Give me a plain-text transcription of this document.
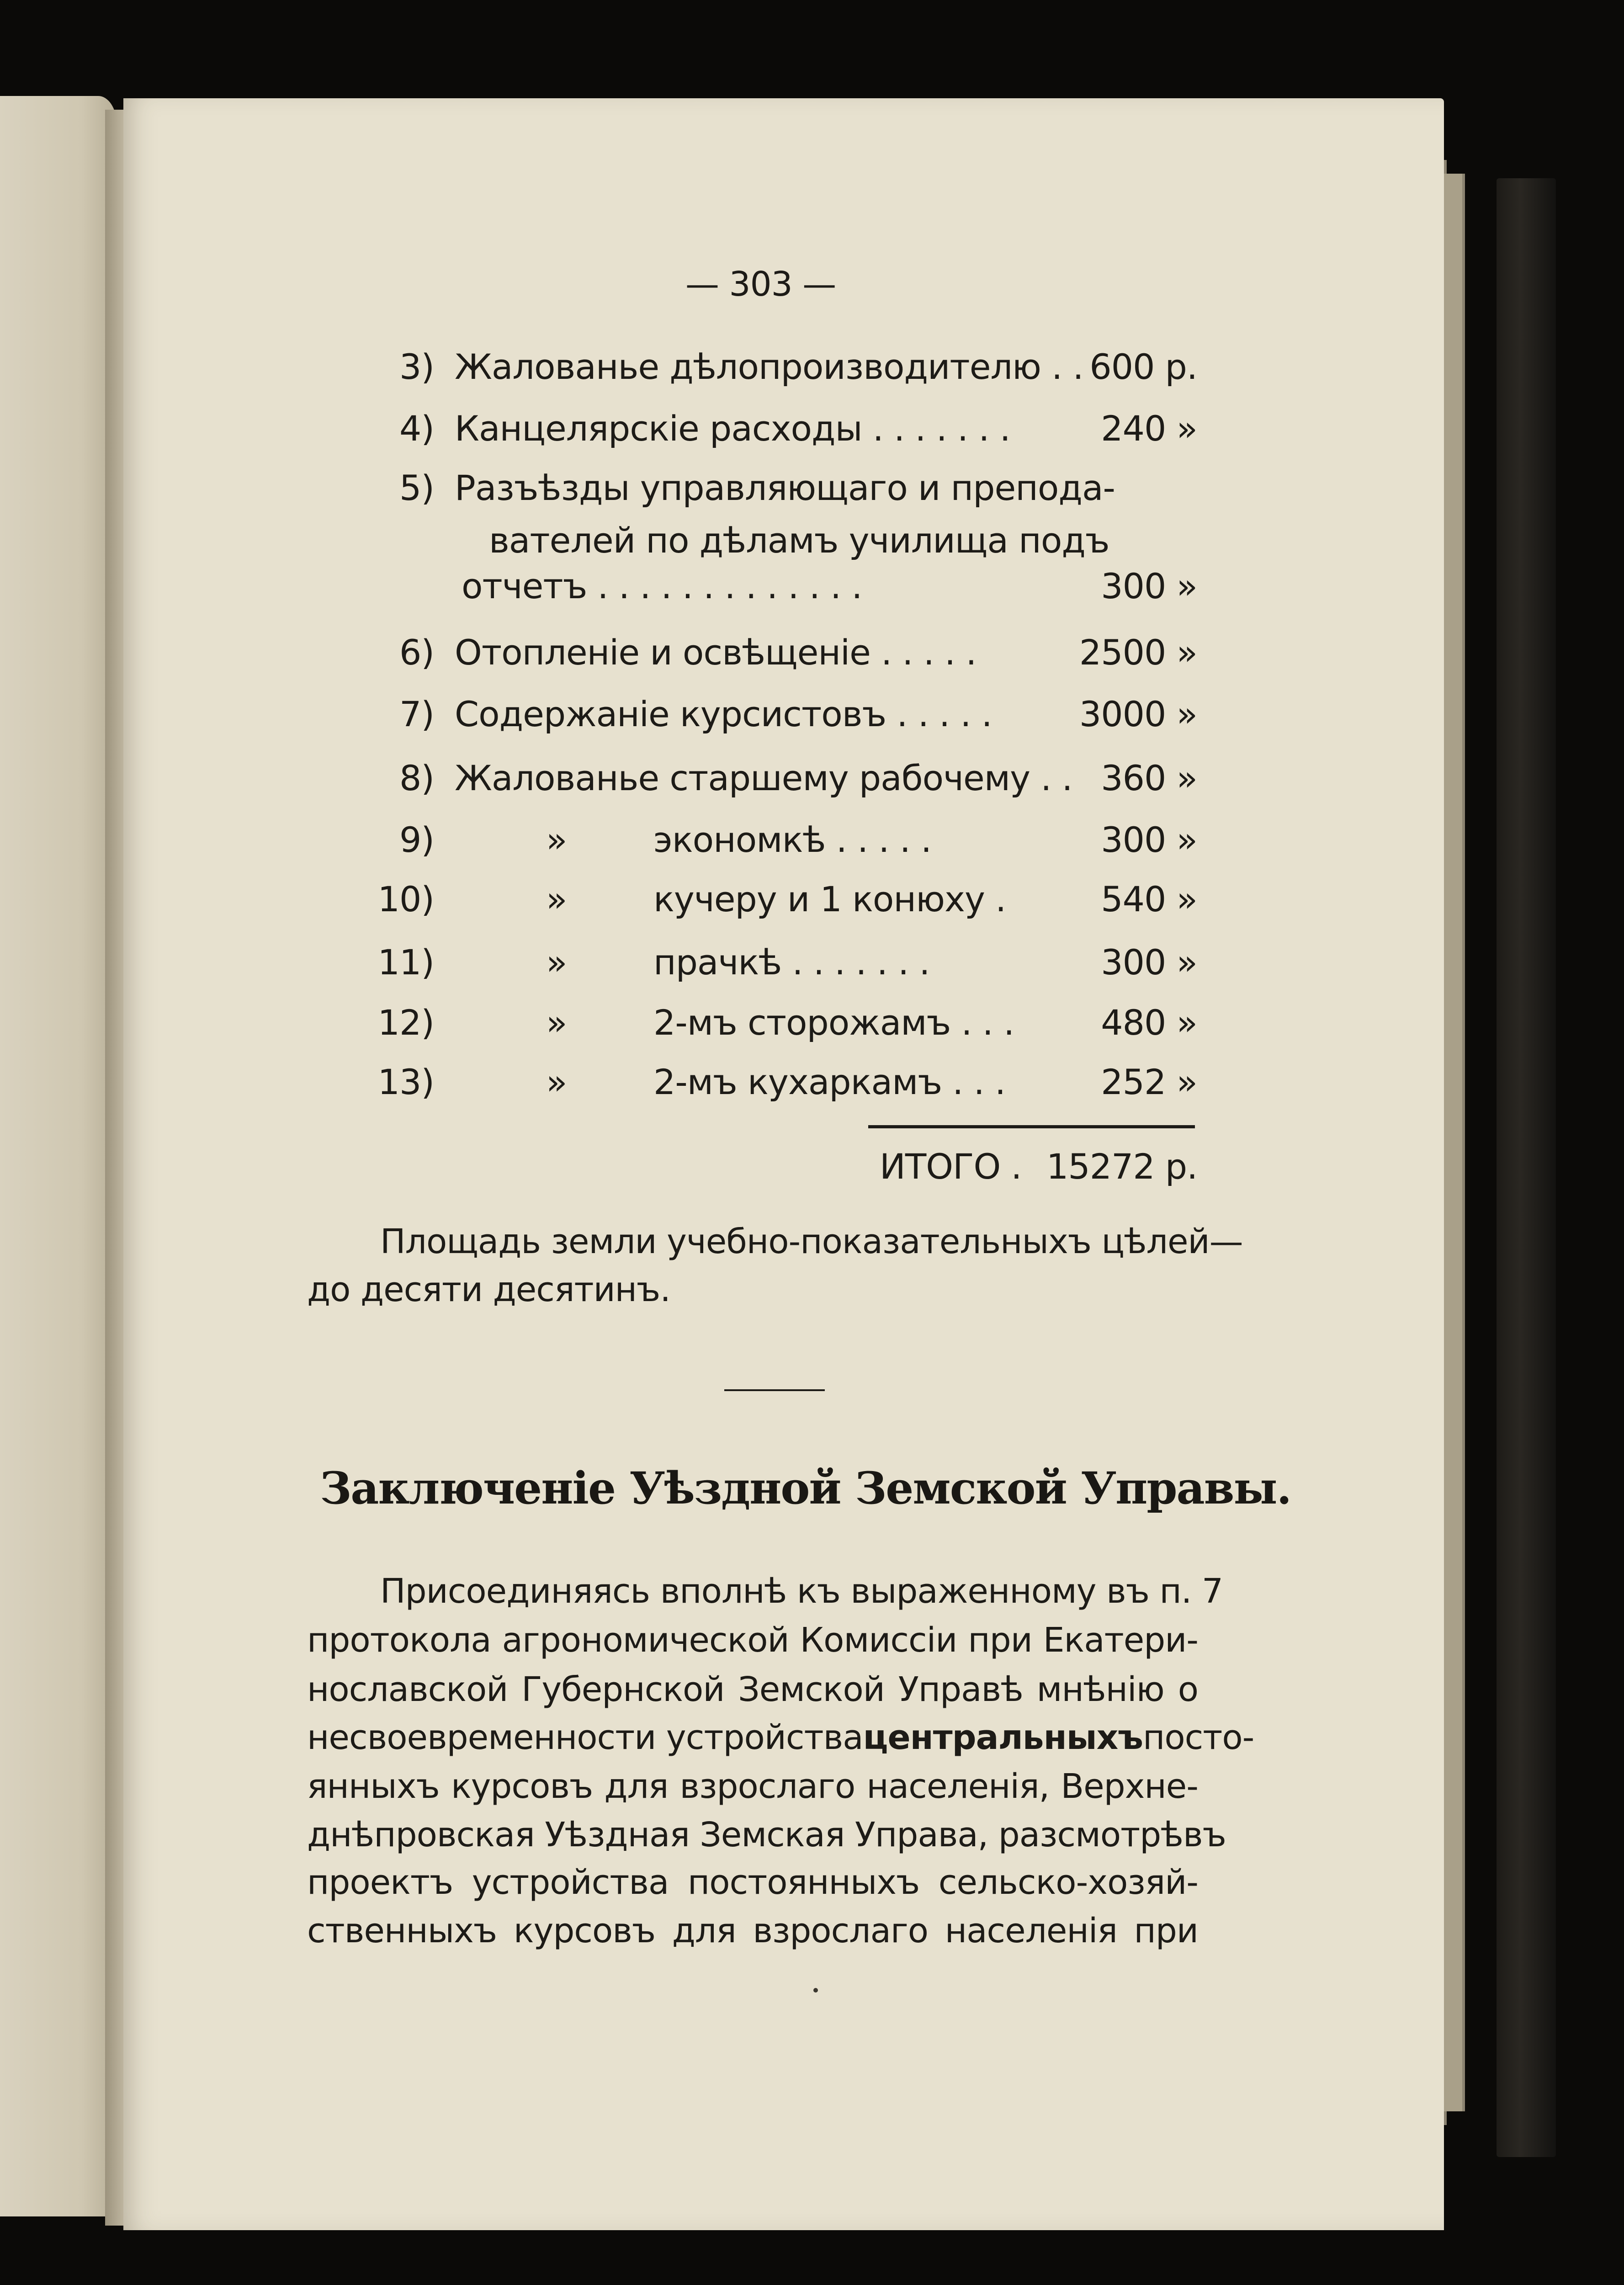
— 303 —
3) Жалованье дѣлопроизводителю . . 600 р.
4) Канцелярскіе расходы . . . . . . .	240 »
5) Разъѣзды управляющаго и препода-
вателей по дѣламъ училища подъ
отчетъ . . . . . . . . . . . . .	300 »
6) Отопленіе и освѣщеніе . . . . .	2500 »
7) Содержаніе курсистовъ . . . . .	3000 »
8) Жалованье старшему рабочему . . 360 »
9)	» экономкѣ . . . . .	300 »
10)	» кучеру и 1 конюху .	540 »
11)	» прачкѣ . . . . . . .	300 »
12)	» 2-мъ сторожамъ . . .	480 »
13)	» 2-мъ кухаркамъ . . .	252 »
ИТОГО . 15272 р.
Площадь земли учебно-показательныхъ цѣлей—
до десяти десятинъ.
Заключеніе Уѣздной Земской Управы.
Присоединяясь вполнѣ къ выраженному въ п. 7
протокола агрономической Комиссіи при Екатери-
нославской Губернской Земской Управѣ мнѣнію о
несвоевременности устройства центральныхъ посто-
янныхъ курсовъ для взрослаго населенія, Верхне-
днѣпровская Уѣздная Земская Управа, разсмотрѣвъ
проектъ устройства постоянныхъ сельско-хозяй-
ственныхъ курсовъ для взрослаго населенія при
